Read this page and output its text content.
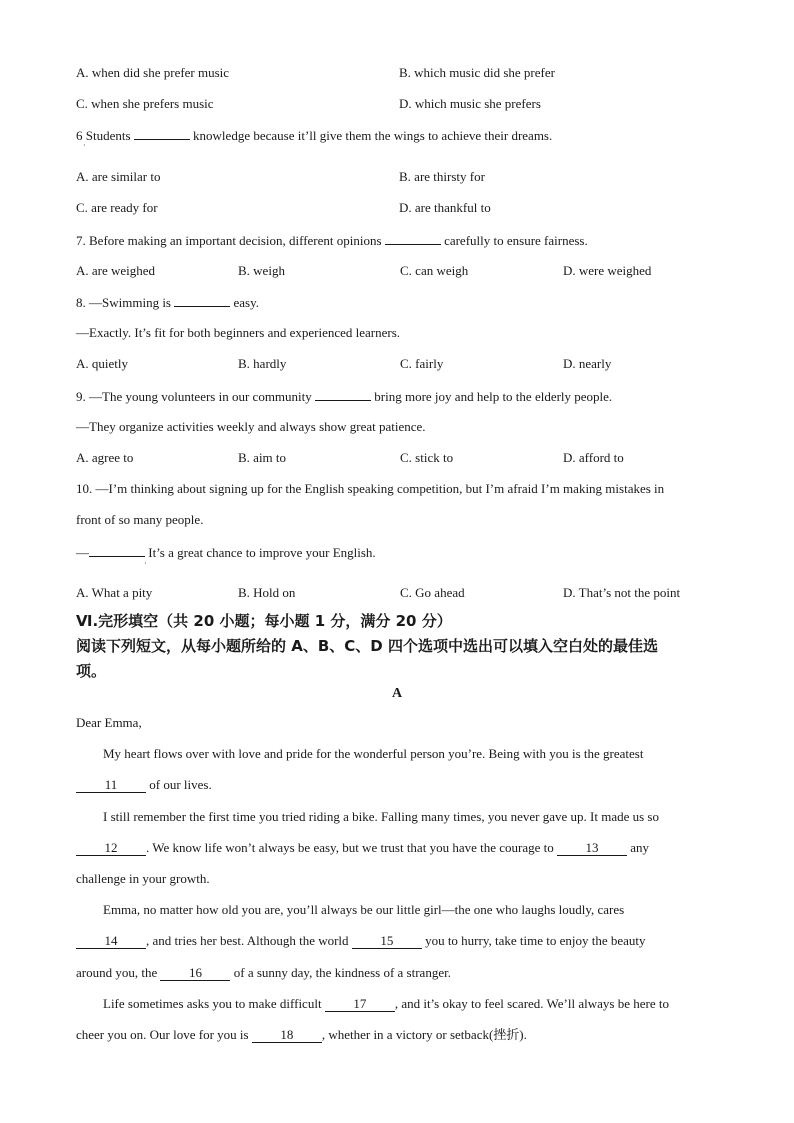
A. when did she prefer music	B. which music did she prefer
C. when she prefers music	D. which music she prefers
6 Students	knowledge because it’ll give them the wings to achieve their dreams.
·
A. are similar to	B. are thirsty for
C. are ready for	D. are thankful to
7. Before making an important decision, different opinions	carefully to ensure fairness.
A. are weighed	B. weigh	C. can weigh	D. were weighed
8. —Swimming is	easy.
—Exactly. It’s fit for both beginners and experienced learners.
A. quietly	B. hardly	C. fairly	D. nearly
9. —The young volunteers in our community	bring more joy and help to the elderly people.
—They organize activities weekly and always show great patience.
A. agree to	B. aim to	C. stick to	D. afford to
10. —I’m thinking about signing up for the English speaking competition, but I’m afraid I’m making mistakes in
front of so many people.
—	It’s a great chance to improve your English.
·
A. What a pity	B. Hold on	C. Go ahead	D. That’s not the point
Ⅵ.完形填空（共 20 小题；每小题 1 分，满分 20 分）
阅读下列短文，从每小题所给的 A、B、C、D 四个选项中选出可以填入空白处的最佳选
项。
A
Dear Emma,
My heart flows over with love and pride for the wonderful person you’re. Being with you is the greatest
11 of our lives.
I still remember the first time you tried riding a bike. Falling many times, you never gave up. It made us so
12 . We know life won’t always be easy, but we trust that you have the courage to 13 any
challenge in your growth.
Emma, no matter how old you are, you’ll always be our little girl—the one who laughs loudly, cares
14 , and tries her best. Although the world 15 you to hurry, take time to enjoy the beauty
around you, the 16 of a sunny day, the kindness of a stranger.
Life sometimes asks you to make difficult 17 , and it’s okay to feel scared. We’ll always be here to
cheer you on. Our love for you is 18 , whether in a victory or setback(挫折).
